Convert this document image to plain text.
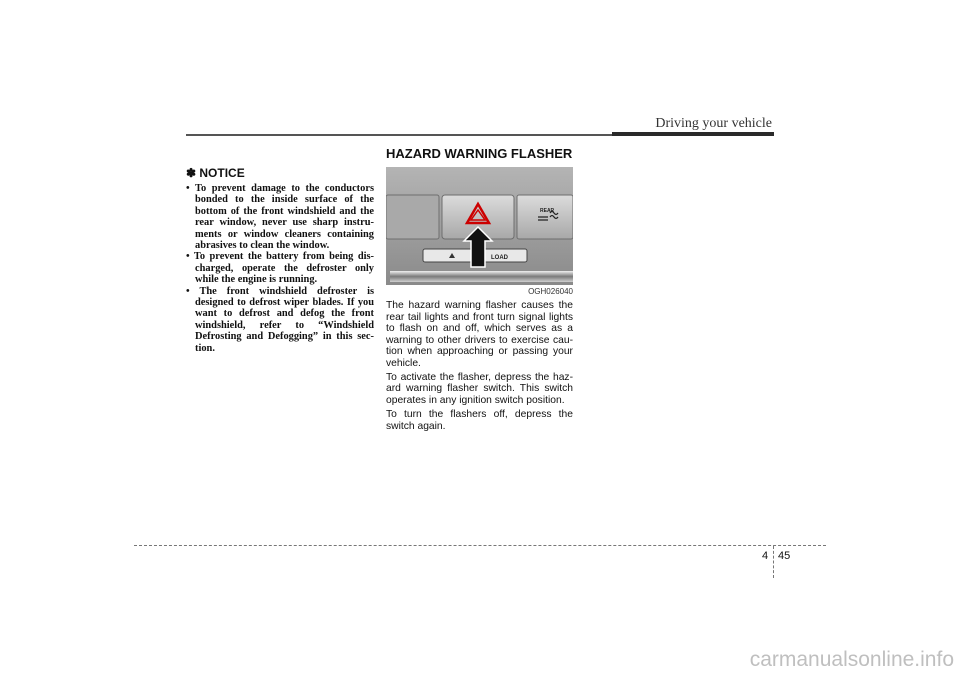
Driving your vehicle
✽ NOTICE
• To prevent damage to the conductors bonded to the inside surface of the bottom of the front windshield and the rear window, never use sharp instru-ments or window cleaners containing abrasives to clean the window.
• To prevent the battery from being dis-charged, operate the defroster only while the engine is running.
• The front windshield defroster is designed to defrost wiper blades. If you want to defrost and defog the front windshield, refer to “Windshield Defrosting and Defogging” in this sec-tion.
HAZARD WARNING FLASHER
REAR
LOAD
OGH026040

The hazard warning flasher causes the rear tail lights and front turn signal lights to flash on and off, which serves as a warning to other drivers to exercise cau-tion when approaching or passing your vehicle.

To activate the flasher, depress the haz-ard warning flasher switch. This switch operates in any ignition switch position.

To turn the flashers off, depress the switch again.

4 45
carmanualsonline.info
